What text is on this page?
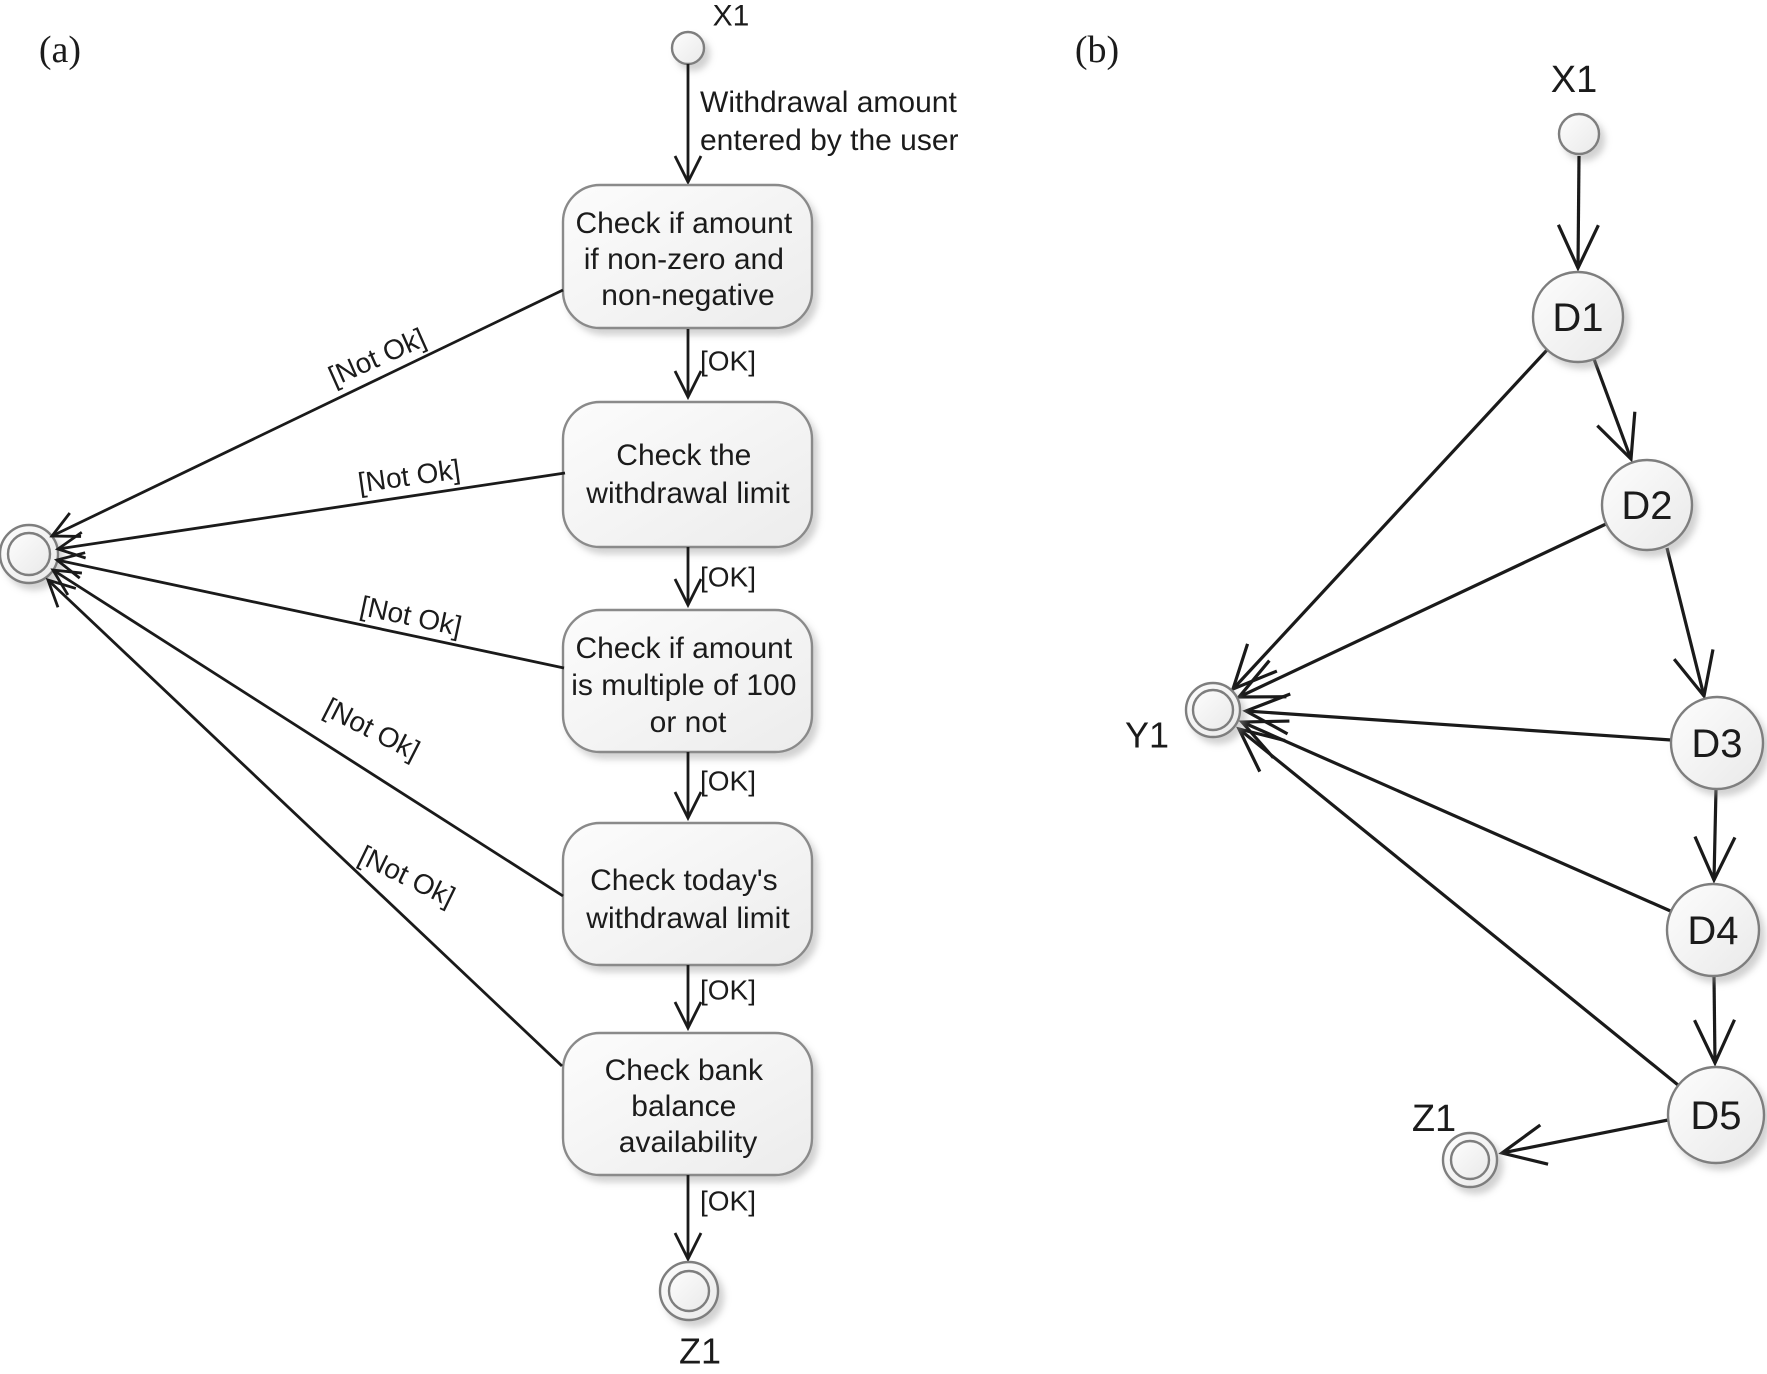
(a)
X1
Withdrawal amount entered by the user
Check if amount if non-zero and non-negative
[OK]
Check the withdrawal limit
[OK]
Check if amount is multiple of 100 or not
[OK]
Check today's withdrawal limit
[OK]
Check bank balance availability
[OK]
Z1
[Not Ok]
[Not Ok]
[Not Ok]
[Not Ok]
[Not Ok]
(b)
X1
D1
D2
D3
D4
D5
Y1
Z1
